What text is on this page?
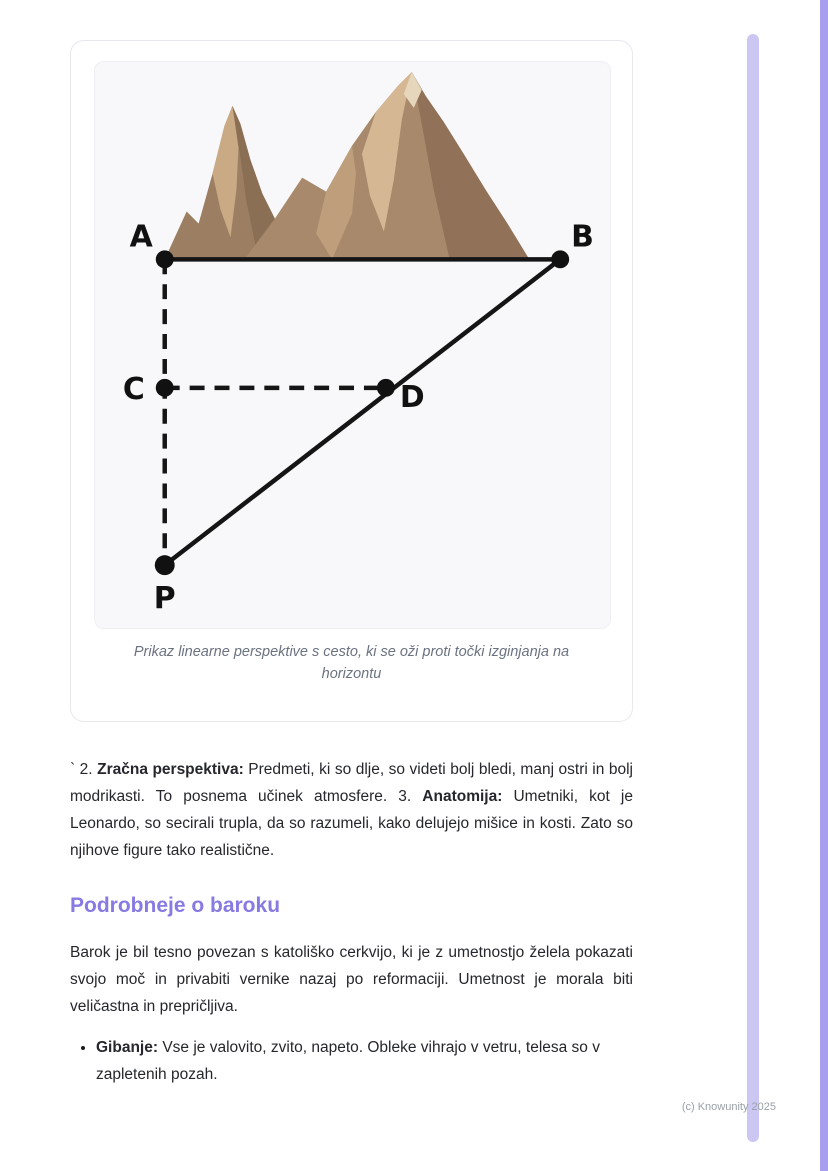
A	B
C	D
P
Prikaz linearne perspektive s cesto, ki se oži proti točki izginjanja na horizontu

` 2. Zračna perspektiva: Predmeti, ki so dlje, so videti bolj bledi, manj ostri in bolj modrikasti. To posnema učinek atmosfere. 3. Anatomija: Umetniki, kot je Leonardo, so secirali trupla, da so razumeli, kako delujejo mišice in kosti. Zato so njihove figure tako realistične.

Podrobneje o baroku

Barok je bil tesno povezan s katoliško cerkvijo, ki je z umetnostjo želela pokazati svojo moč in privabiti vernike nazaj po reformaciji. Umetnost je morala biti veličastna in prepričljiva.

• Gibanje: Vse je valovito, zvito, napeto. Obleke vihrajo v vetru, telesa so v zapletenih pozah.
(c) Knowunity 2025
